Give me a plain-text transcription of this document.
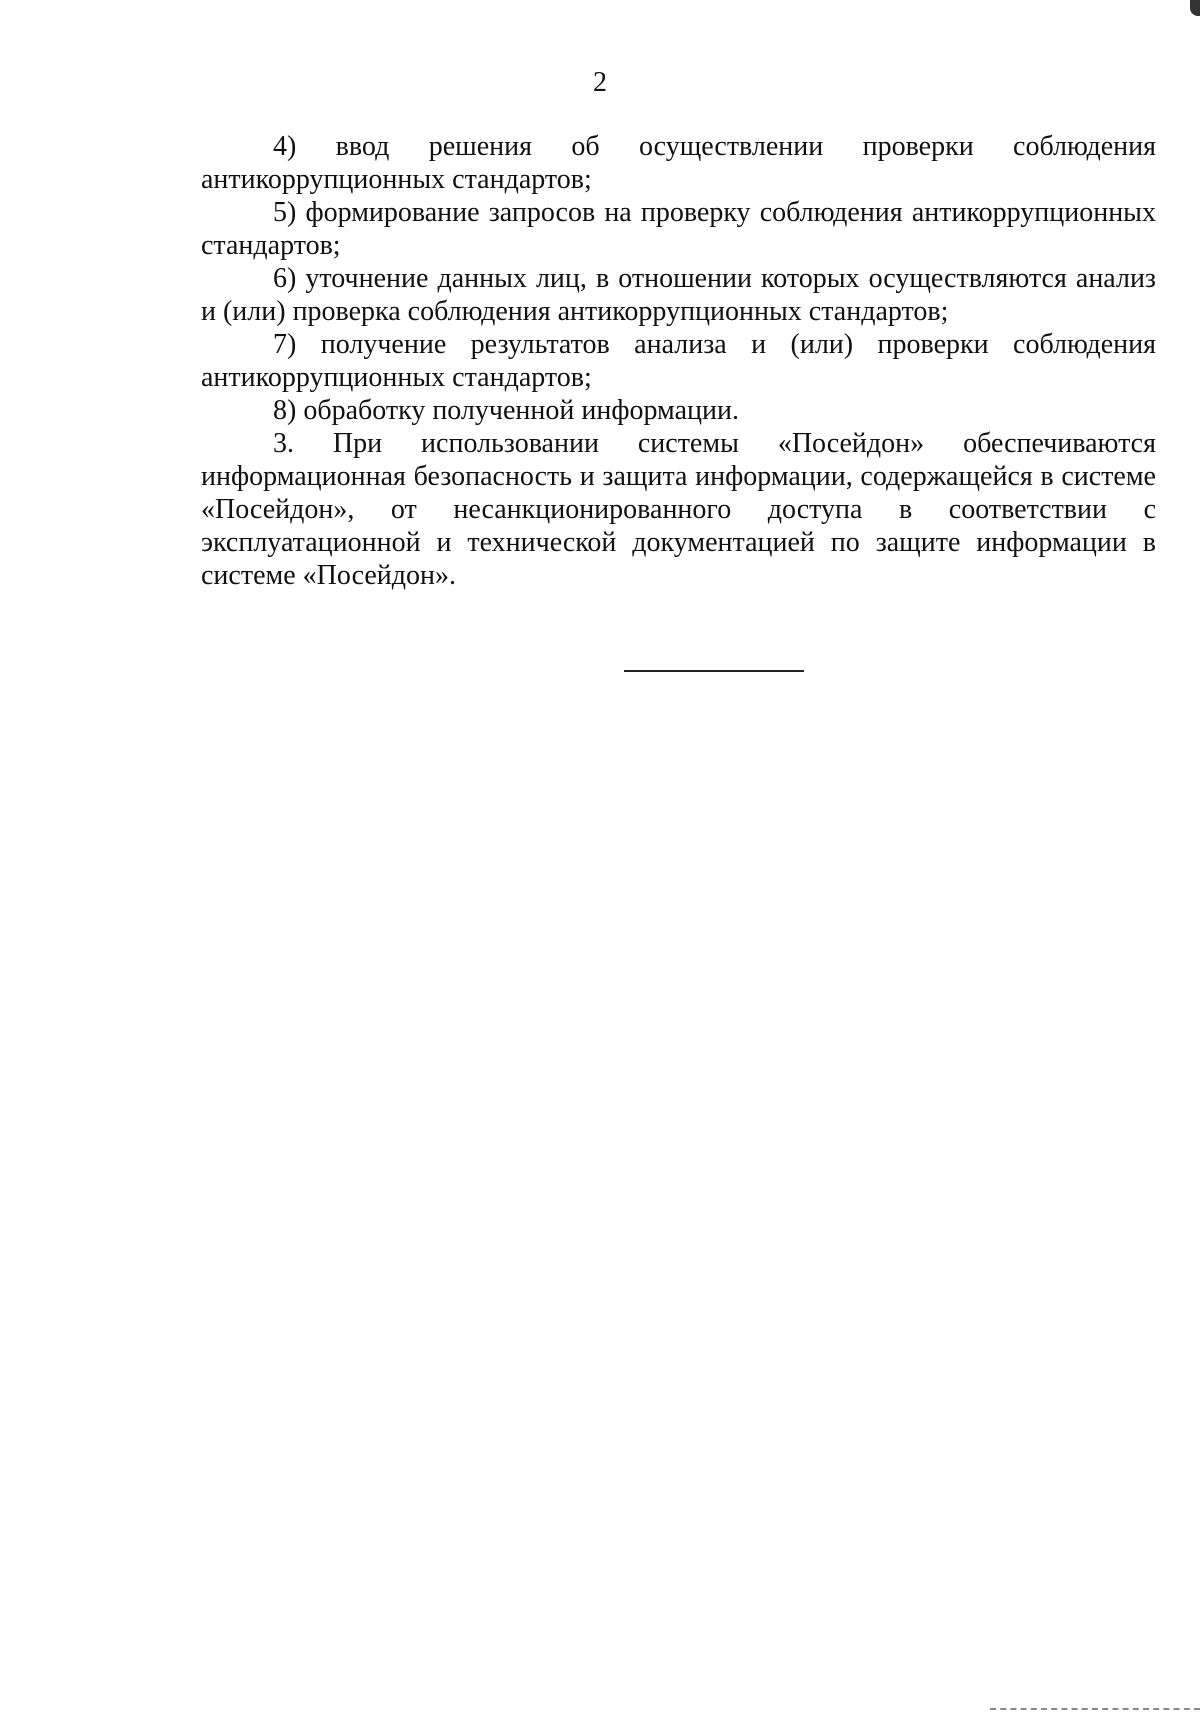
2

4) ввод решения об осуществлении проверки соблюдения антикоррупционных стандартов;

5) формирование запросов на проверку соблюдения антикоррупционных стандартов;

6) уточнение данных лиц, в отношении которых осуществляются анализ и (или) проверка соблюдения антикоррупционных стандартов;

7) получение результатов анализа и (или) проверки соблюдения антикоррупционных стандартов;

8) обработку полученной информации.

3. При использовании системы «Посейдон» обеспечиваются информационная безопасность и защита информации, содержащейся в системе «Посейдон», от несанкционированного доступа в соответствии с эксплуатационной и технической документацией по защите информации в системе «Посейдон».
